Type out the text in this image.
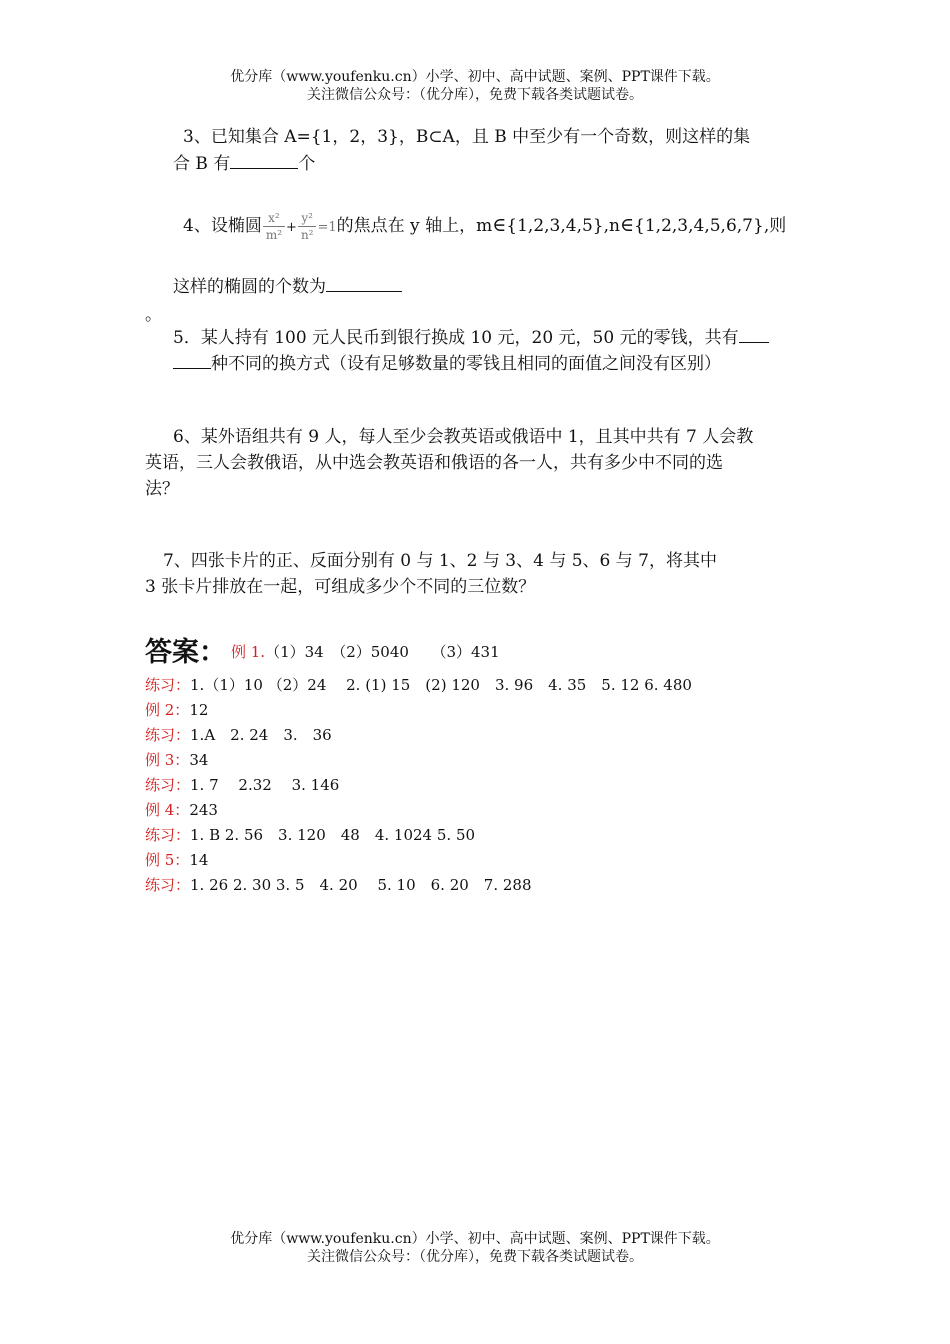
优分库（www.youfenku.cn）小学、初中、高中试题、案例、PPT课件下载。
关注微信公众号：（优分库），免费下载各类试题试卷。
3、已知集合 A={1，2，3}，B⊂A，且 B 中至少有一个奇数，则这样的集
合 B 有	个
4、设椭圆 $\frac{\text{x²}}{\text{m²}} + \frac{\text{y²}}{\text{n²}} =1$的焦点在 y 轴上，m∈{1,2,3,4,5},n∈{1,2,3,4,5,6,7},则
这样的椭圆的个数为
。
5．某人持有 100 元人民币到银行换成 10 元，20 元，50 元的零钱，共有
种不同的换方式（设有足够数量的零钱且相同的面值之间没有区别）
6、某外语组共有 9 人，每人至少会教英语或俄语中 1，且其中共有 7 人会教
英语，三人会教俄语，从中选会教英语和俄语的各一人，共有多少中不同的选
法？
7、四张卡片的正、反面分别有 0 与 1、2 与 3、4 与 5、6 与 7，将其中
3 张卡片排放在一起，可组成多少个不同的三位数？
答案： 例 1.（1）34　（2）5040　　（3）431
练习：1.（1）10 （2）24　 2. (1) 15　(2) 120　3. 96　4. 35　5. 12 6. 480
例 2：12
练习：1.A　2. 24　3.　36
例 3：34
练习：1. 7　 2.32　 3. 146
例 4：243
练习：1. B 2. 56　3. 120　48　4. 1024 5. 50
例 5：14
练习：1. 26 2. 30 3. 5　4. 20　 5. 10　6. 20　7. 288
优分库（www.youfenku.cn）小学、初中、高中试题、案例、PPT课件下载。
关注微信公众号：（优分库），免费下载各类试题试卷。
